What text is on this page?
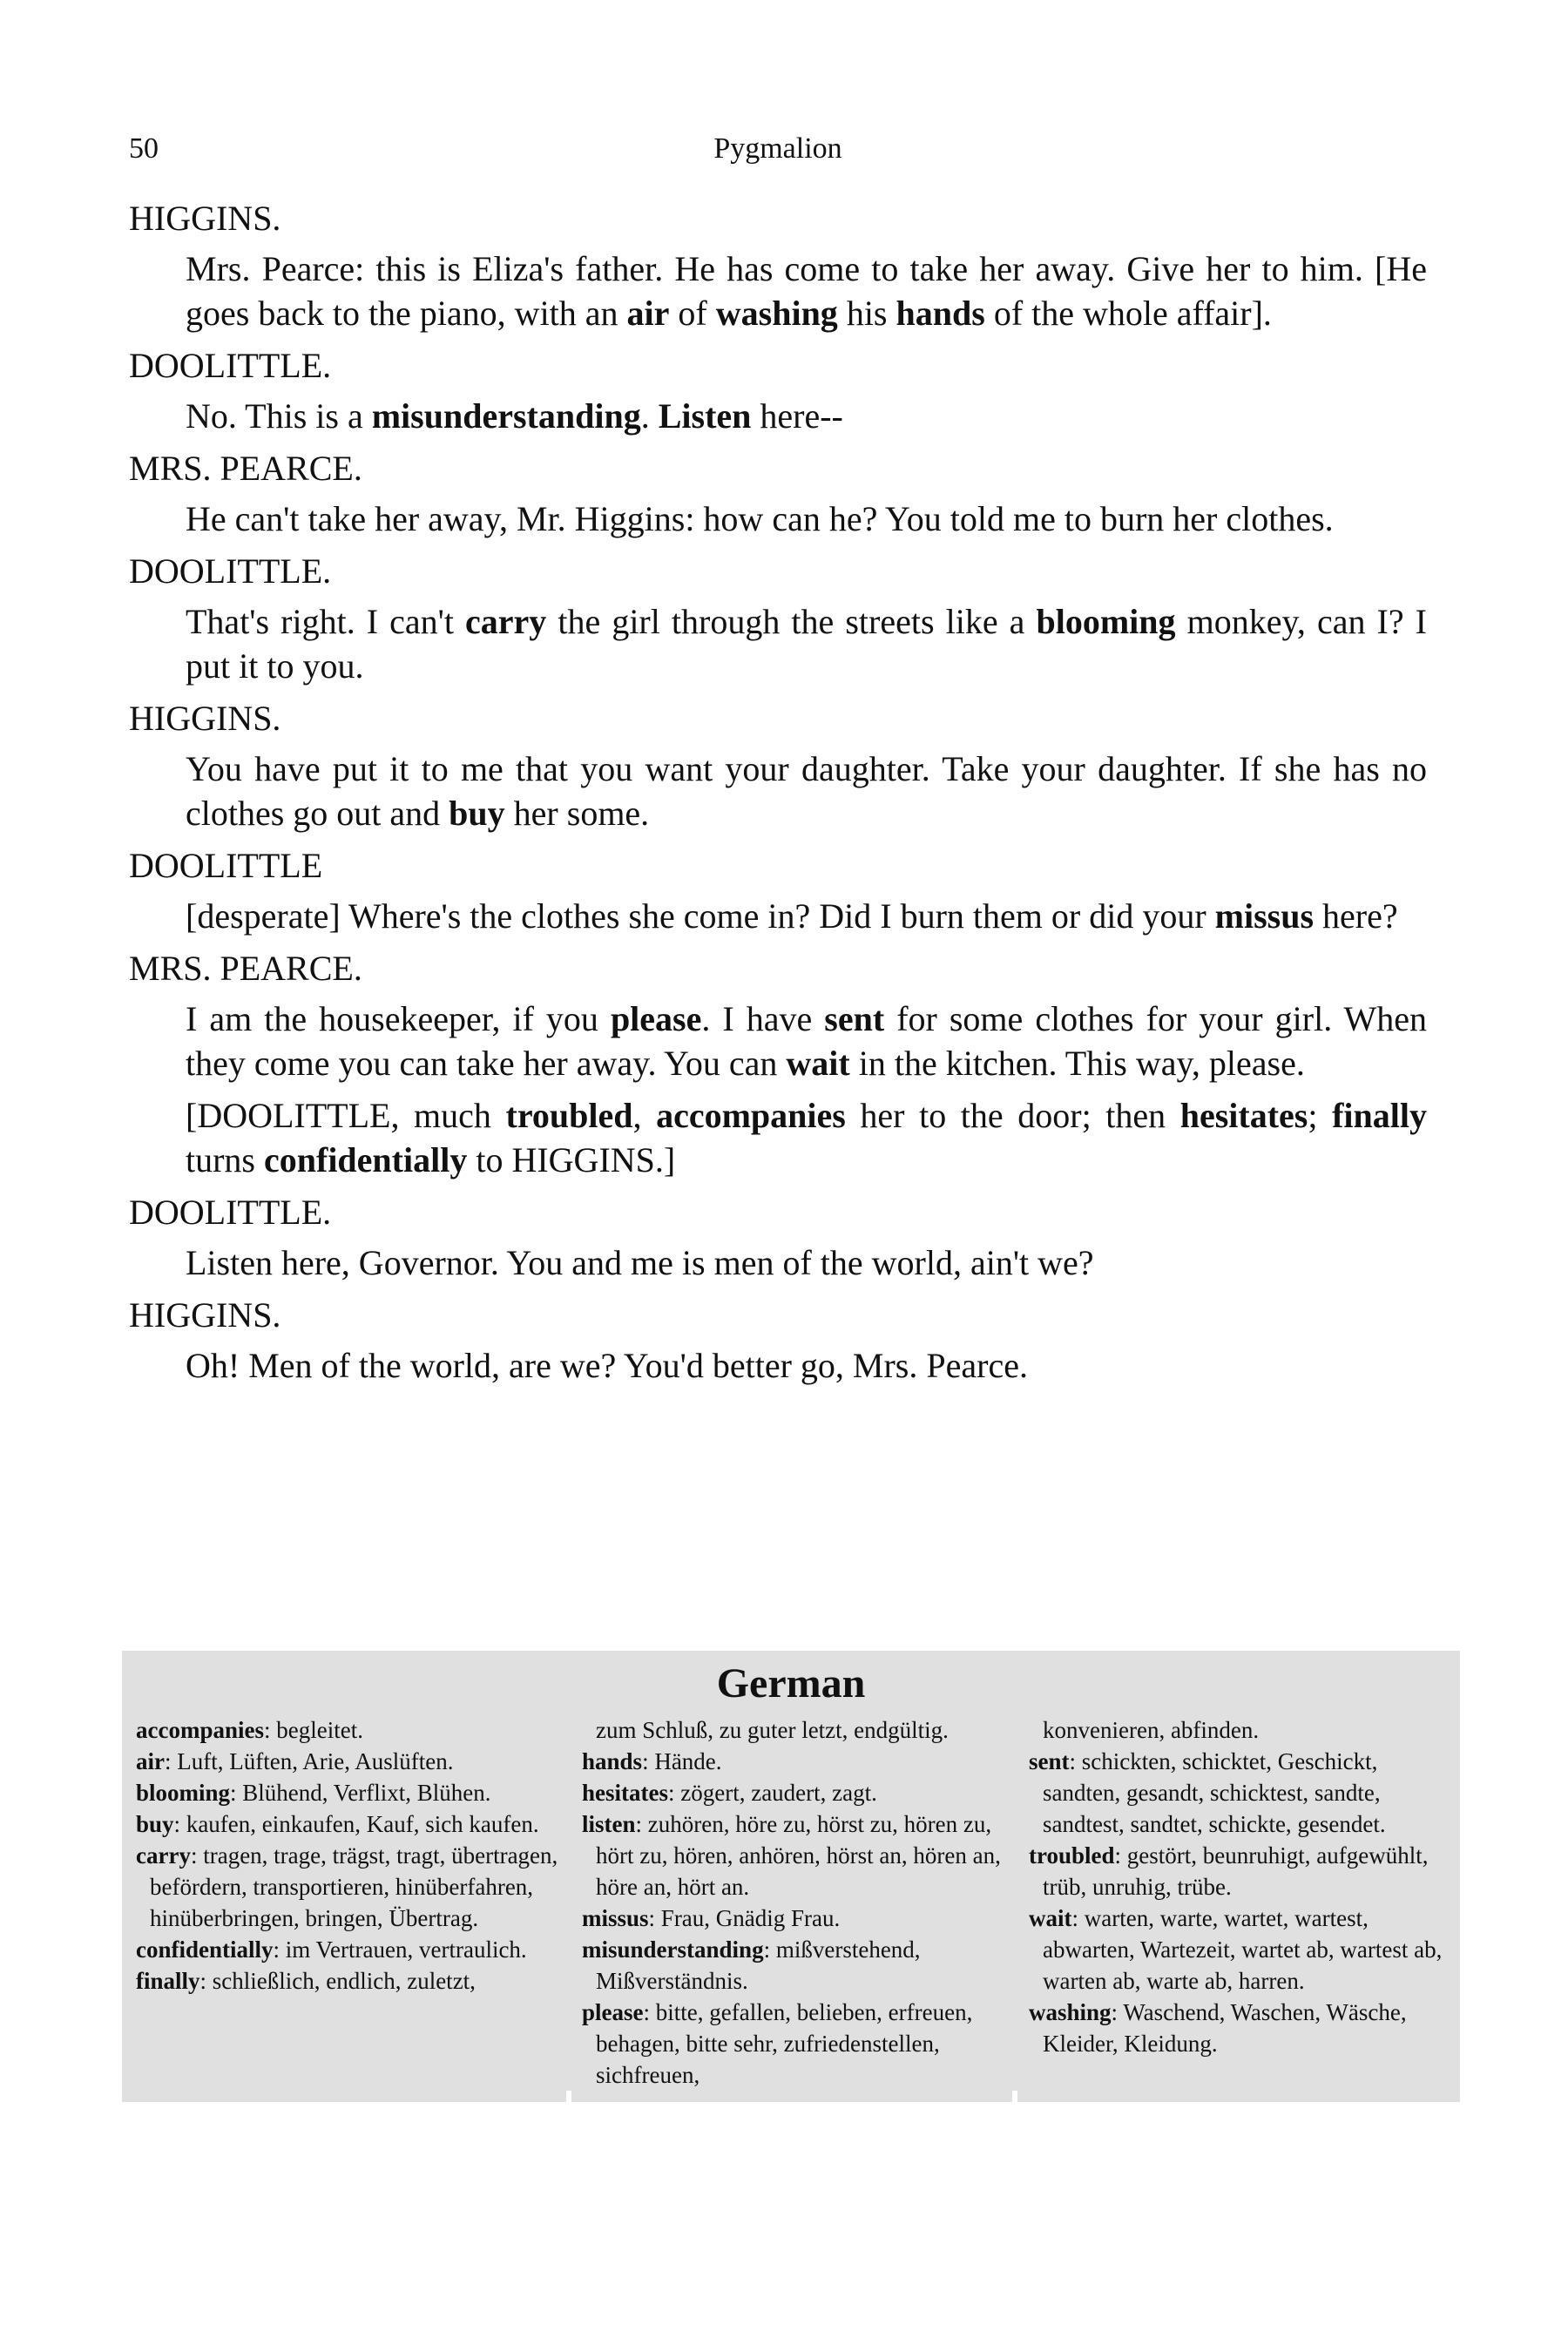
50	Pygmalion
HIGGINS.
Mrs. Pearce: this is Eliza's father. He has come to take her away. Give her to him. [He goes back to the piano, with an air of washing his hands of the whole affair].
DOOLITTLE.
No. This is a misunderstanding. Listen here--
MRS. PEARCE.
He can't take her away, Mr. Higgins: how can he? You told me to burn her clothes.
DOOLITTLE.
That's right. I can't carry the girl through the streets like a blooming monkey, can I? I put it to you.
HIGGINS.
You have put it to me that you want your daughter. Take your daughter. If she has no clothes go out and buy her some.
DOOLITTLE
[desperate] Where's the clothes she come in? Did I burn them or did your missus here?
MRS. PEARCE.
I am the housekeeper, if you please. I have sent for some clothes for your girl. When they come you can take her away. You can wait in the kitchen. This way, please.
[DOOLITTLE, much troubled, accompanies her to the door; then hesitates; finally turns confidentially to HIGGINS.]
DOOLITTLE.
Listen here, Governor. You and me is men of the world, ain't we?
HIGGINS.
Oh! Men of the world, are we? You'd better go, Mrs. Pearce.
German
accompanies: begleitet.
air: Luft, Lüften, Arie, Auslüften.
blooming: Blühend, Verflixt, Blühen.
buy: kaufen, einkaufen, Kauf, sich kaufen.
carry: tragen, trage, trägst, tragt, übertragen, befördern, transportieren, hinüberfahren, hinüberbringen, bringen, Übertrag.
confidentially: im Vertrauen, vertraulich.
finally: schließlich, endlich, zuletzt,
zum Schluß, zu guter letzt, endgültig.
hands: Hände.
hesitates: zögert, zaudert, zagt.
listen: zuhören, höre zu, hörst zu, hören zu, hört zu, hören, anhören, hörst an, hören an, höre an, hört an.
missus: Frau, Gnädig Frau.
misunderstanding: mißverstehend, Mißverständnis.
please: bitte, gefallen, belieben, erfreuen, behagen, bitte sehr, zufriedenstellen, sichfreuen,
konvenieren, abfinden.
sent: schickten, schicktet, Geschickt, sandten, gesandt, schicktest, sandte, sandtest, sandtet, schickte, gesendet.
troubled: gestört, beunruhigt, aufgewühlt, trüb, unruhig, trübe.
wait: warten, warte, wartet, wartest, abwarten, Wartezeit, wartet ab, wartest ab, warten ab, warte ab, harren.
washing: Waschend, Waschen, Wäsche, Kleider, Kleidung.
